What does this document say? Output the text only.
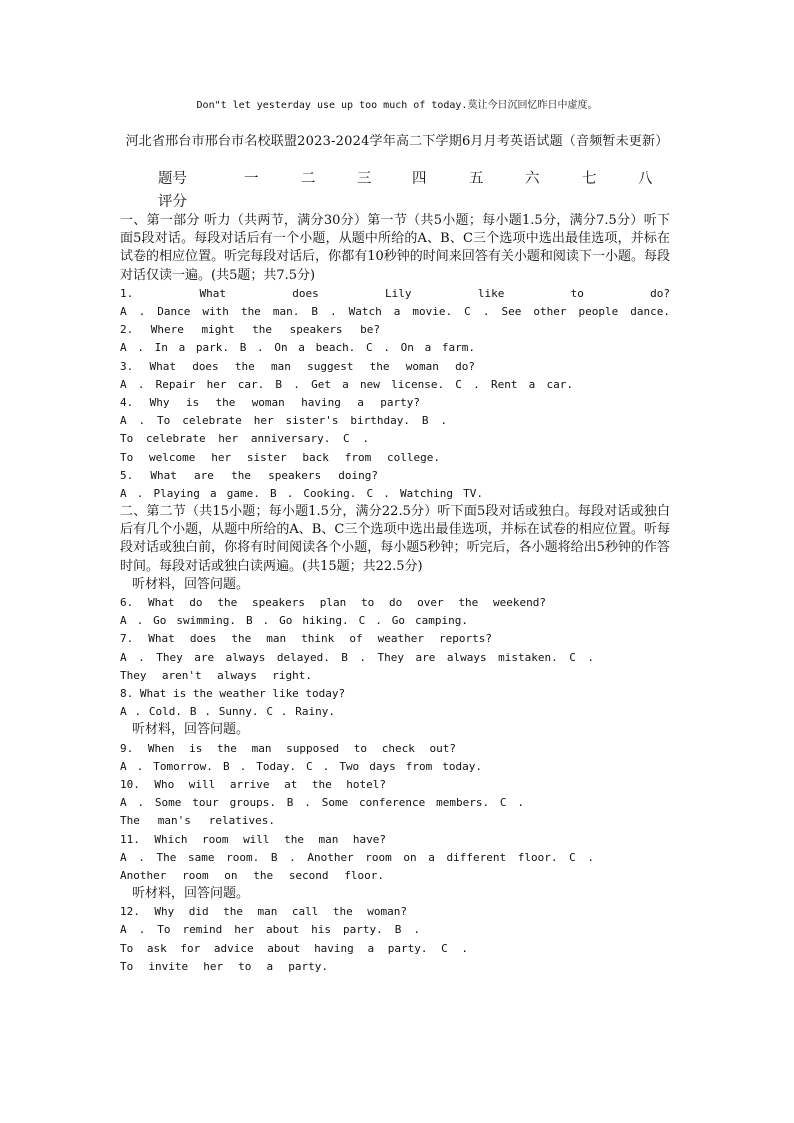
Don"t let yesterday use up too much of today.莫让今日沉回忆昨日中虚度。
河北省邢台市邢台市名校联盟2023-2024学年高二下学期6月月考英语试题（音频暂未更新）
题号	一	二	三	四	五	六	七	八
评分

一、第一部分 听力（共两节，满分30分）第一节（共5小题；每小题1.5分，满分7.5分）听下面5段对话。每段对话后有一个小题，从题中所给的A、B、C三个选项中选出最佳选项，并标在试卷的相应位置。听完每段对话后，你都有10秒钟的时间来回答有关小题和阅读下一小题。每段对话仅读一遍。(共5题；共7.5分)

1. What does Lily like to do?
A . Dance with the man. B . Watch a movie. C . See other people dance.
2. Where might the speakers be?
A . In a park. B . On a beach. C . On a farm.
3. What does the man suggest the woman do?
A . Repair her car. B . Get a new license. C . Rent a car.
4. Why is the woman having a party?
A . To celebrate her sister's birthday. B .
To celebrate her anniversary. C .
To welcome her sister back from college.
5. What are the speakers doing?
A . Playing a game. B . Cooking. C . Watching TV.

二、第二节（共15小题；每小题1.5分，满分22.5分）听下面5段对话或独白。每段对话或独白后有几个小题，从题中所给的A、B、C三个选项中选出最佳选项，并标在试卷的相应位置。听每段对话或独白前，你将有时间阅读各个小题，每小题5秒钟；听完后，各小题将给出5秒钟的作答时间。每段对话或独白读两遍。(共15题；共22.5分)

听材料，回答问题。
6. What do the speakers plan to do over the weekend?
A . Go swimming. B . Go hiking. C . Go camping.
7. What does the man think of weather reports?
A . They are always delayed. B . They are always mistaken. C .
They aren't always right.
8. What is the weather like today?
A . Cold. B . Sunny. C . Rainy.
听材料，回答问题。
9. When is the man supposed to check out?
A . Tomorrow. B . Today. C . Two days from today.
10. Who will arrive at the hotel?
A . Some tour groups. B . Some conference members. C .
The man's relatives.
11. Which room will the man have?
A . The same room. B . Another room on a different floor. C .
Another room on the second floor.
听材料，回答问题。
12. Why did the man call the woman?
A . To remind her about his party. B .
To ask for advice about having a party. C .
To invite her to a party.
